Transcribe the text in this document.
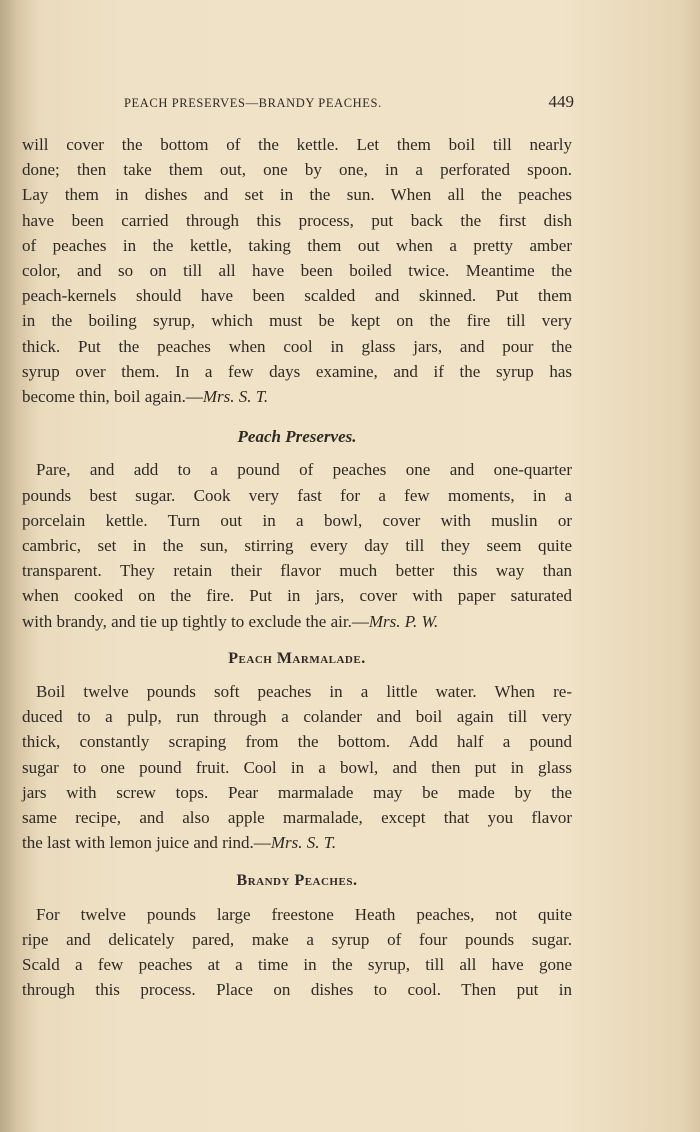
PEACH PRESERVES—BRANDY PEACHES.	449

will cover the bottom of the kettle. Let them boil till nearly
done; then take them out, one by one, in a perforated spoon.
Lay them in dishes and set in the sun. When all the peaches
have been carried through this process, put back the first dish
of peaches in the kettle, taking them out when a pretty amber
color, and so on till all have been boiled twice. Meantime the
peach-kernels should have been scalded and skinned. Put them
in the boiling syrup, which must be kept on the fire till very
thick. Put the peaches when cool in glass jars, and pour the
syrup over them. In a few days examine, and if the syrup has
become thin, boil again.—Mrs. S. T.

Peach Preserves.

Pare, and add to a pound of peaches one and one-quarter
pounds best sugar. Cook very fast for a few moments, in a
porcelain kettle. Turn out in a bowl, cover with muslin or
cambric, set in the sun, stirring every day till they seem quite
transparent. They retain their flavor much better this way than
when cooked on the fire. Put in jars, cover with paper saturated
with brandy, and tie up tightly to exclude the air.—Mrs. P. W.

Peach Marmalade.

Boil twelve pounds soft peaches in a little water. When re-
duced to a pulp, run through a colander and boil again till very
thick, constantly scraping from the bottom. Add half a pound
sugar to one pound fruit. Cool in a bowl, and then put in glass
jars with screw tops. Pear marmalade may be made by the
same recipe, and also apple marmalade, except that you flavor
the last with lemon juice and rind.—Mrs. S. T.

Brandy Peaches.

For twelve pounds large freestone Heath peaches, not quite
ripe and delicately pared, make a syrup of four pounds sugar.
Scald a few peaches at a time in the syrup, till all have gone
through this process. Place on dishes to cool. Then put in
